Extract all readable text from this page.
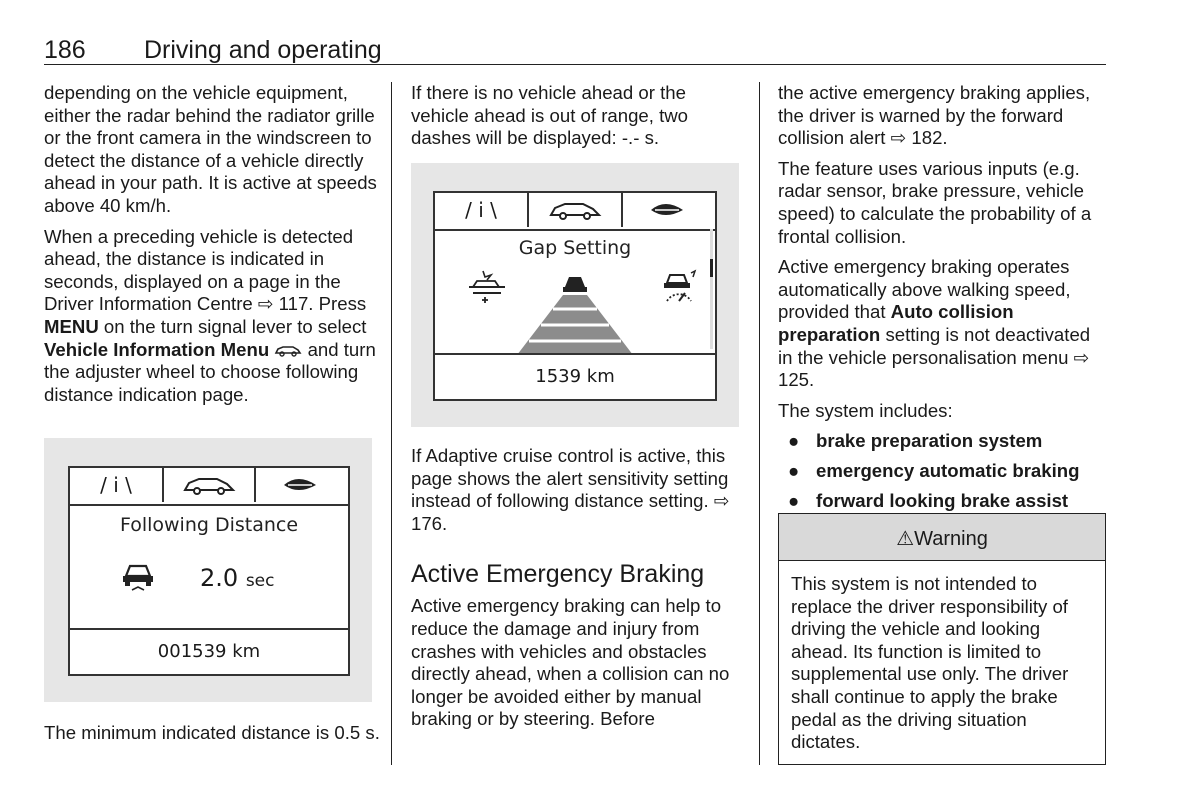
186 Driving and operating

depending on the vehicle equipment, either the radar behind the radiator grille or the front camera in the windscreen to detect the distance of a vehicle directly ahead in your path. It is active at speeds above 40 km/h.

When a preceding vehicle is detected ahead, the distance is indicated in seconds, displayed on a page in the Driver Information Centre ⇨ 117. Press MENU on the turn signal lever to select Vehicle Information Menu  and turn the adjuster wheel to choose following distance indication page.

/ i \
Following Distance
2.0 sec
001539 km

The minimum indicated distance is 0.5 s.

If there is no vehicle ahead or the vehicle ahead is out of range, two dashes will be displayed: -.- s.

/ i \
Gap Setting
1539 km

If Adaptive cruise control is active, this page shows the alert sensitivity setting instead of following distance setting. ⇨ 176.

Active Emergency Braking

Active emergency braking can help to reduce the damage and injury from crashes with vehicles and obstacles directly ahead, when a collision can no longer be avoided either by manual braking or by steering. Before

the active emergency braking applies, the driver is warned by the forward collision alert ⇨ 182.

The feature uses various inputs (e.g. radar sensor, brake pressure, vehicle speed) to calculate the probability of a frontal collision.

Active emergency braking operates automatically above walking speed, provided that Auto collision preparation setting is not deactivated in the vehicle personalisation menu ⇨ 125.

The system includes:

● brake preparation system
● emergency automatic braking
● forward looking brake assist
⚠Warning
This system is not intended to replace the driver responsibility of driving the vehicle and looking ahead. Its function is limited to supplemental use only. The driver shall continue to apply the brake pedal as the driving situation dictates.
